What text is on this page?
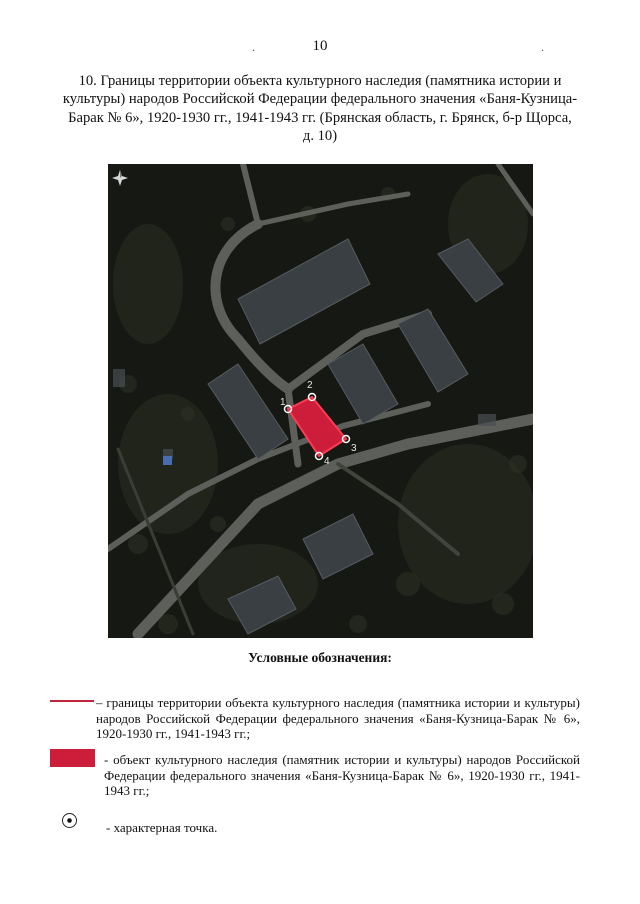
.	10	.
10. Границы территории объекта культурного наследия (памятника истории и культуры) народов Российской Федерации федерального значения «Баня-Кузница-Барак № 6», 1920-1930 гг., 1941-1943 гг. (Брянская область, г. Брянск, б-р Щорса, д. 10)
1
2
3
4
Условные обозначения:
– границы территории объекта культурного наследия (памятника истории и культуры) народов Российской Федерации федерального значения «Баня-Кузница-Барак № 6», 1920-1930 гг., 1941-1943 гг.;
- объект культурного наследия (памятник истории и культуры) народов Российской Федерации федерального значения «Баня-Кузница-Барак № 6», 1920-1930 гг., 1941-1943 гг.;
- характерная точка.
